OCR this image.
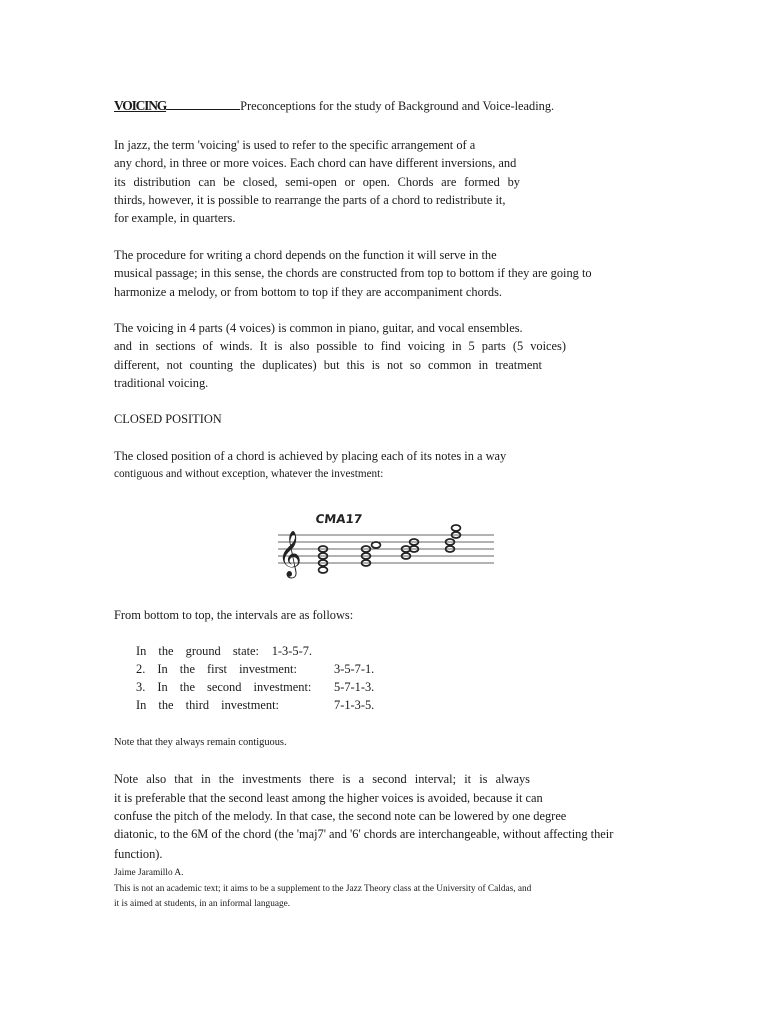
VOICING	Preconceptions for the study of Background and Voice-leading.
In jazz, the term 'voicing' is used to refer to the specific arrangement of a
any chord, in three or more voices. Each chord can have different inversions, and
its distribution can be closed, semi-open or open. Chords are formed by
thirds, however, it is possible to rearrange the parts of a chord to redistribute it,
for example, in quarters.
The procedure for writing a chord depends on the function it will serve in the
musical passage; in this sense, the chords are constructed from top to bottom if they are going to
harmonize a melody, or from bottom to top if they are accompaniment chords.
The voicing in 4 parts (4 voices) is common in piano, guitar, and vocal ensembles.
and in sections of winds. It is also possible to find voicing in 5 parts (5 voices)
different, not counting the duplicates) but this is not so common in treatment
traditional voicing.
CLOSED POSITION
The closed position of a chord is achieved by placing each of its notes in a way
contiguous and without exception, whatever the investment:
𝄞
CMA17
From bottom to top, the intervals are as follows:
In the ground state: 1-3-5-7.
2. In the first investment:	3-5-7-1.
3. In the second investment: 5-7-1-3.
In the third investment:	7-1-3-5.
Note that they always remain contiguous.
Note also that in the investments there is a second interval; it is always
it is preferable that the second least among the higher voices is avoided, because it can
confuse the pitch of the melody. In that case, the second note can be lowered by one degree
diatonic, to the 6M of the chord (the 'maj7' and '6' chords are interchangeable, without affecting their
function).
Jaime Jaramillo A.
This is not an academic text; it aims to be a supplement to the Jazz Theory class at the University of Caldas, and
it is aimed at students, in an informal language.
